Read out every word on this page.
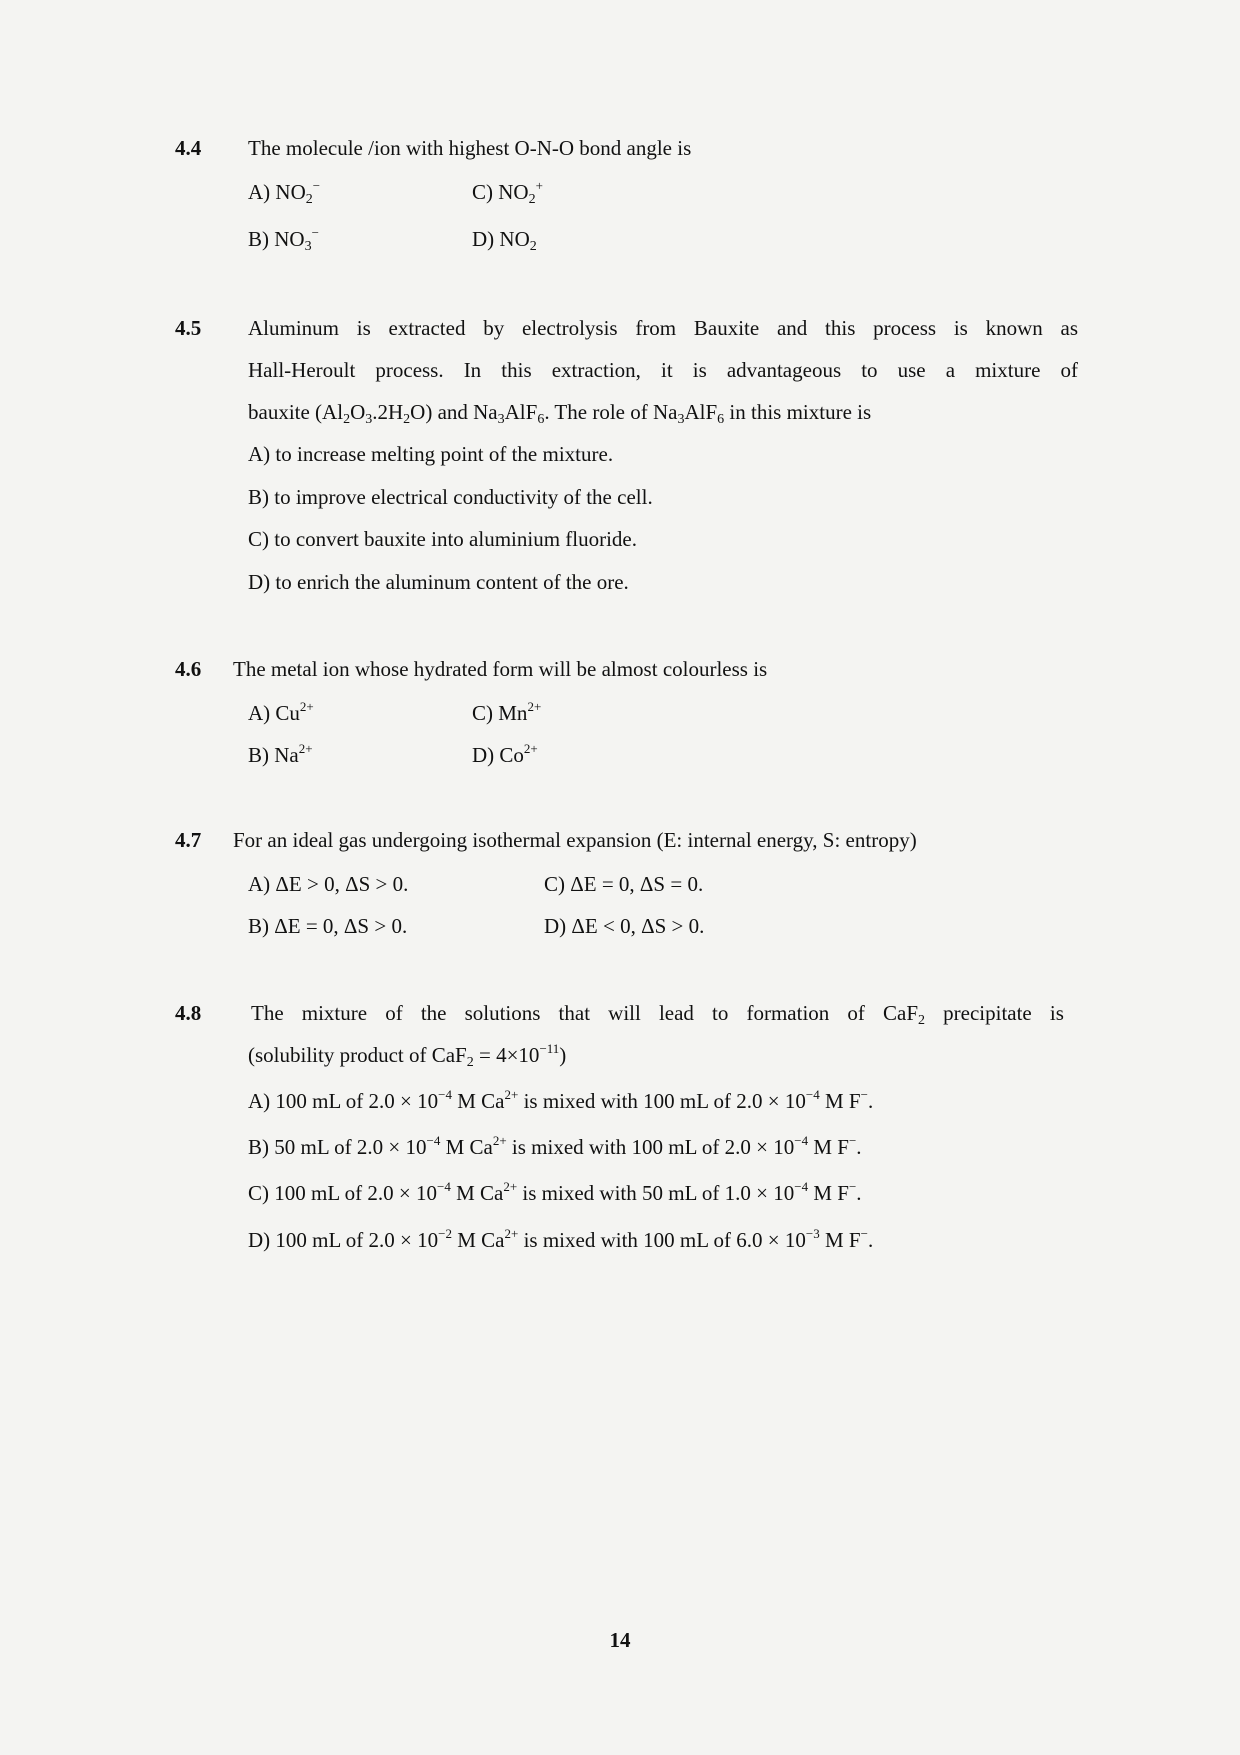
4.4 The molecule /ion with highest O-N-O bond angle is
A) $NO_2^-$	C) $NO_2^+$
B) $NO_3^-$	D) $NO_2$
4.5 Aluminum is extracted by electrolysis from Bauxite and this process is known as
Hall-Heroult process. In this extraction, it is advantageous to use a mixture of
bauxite $(Al_2O_3.2H_2O)$ and $Na_3AlF_6$. The role of $Na_3AlF_6$ in this mixture is
A) to increase melting point of the mixture.
B) to improve electrical conductivity of the cell.
C) to convert bauxite into aluminium fluoride.
D) to enrich the aluminum content of the ore.
4.6 The metal ion whose hydrated form will be almost colourless is
A) $Cu^{2+}$	C) $Mn^{2+}$
B) $Na^{2+}$	D) $Co^{2+}$
4.7 For an ideal gas undergoing isothermal expansion (E: internal energy, S: entropy)
A) ΔE > 0, ΔS > 0.	C) ΔE = 0, ΔS = 0.
B) ΔE = 0, ΔS > 0.	D) ΔE < 0, ΔS > 0.
4.8 The mixture of the solutions that will lead to formation of CaF$_2$ precipitate is
(solubility product of $CaF_2 = 4\times 10^{-11}$)
A) 100 mL of $2.0 \times 10^{-4}$ M $Ca^{2+}$ is mixed with 100 mL of $2.0 \times 10^{-4}$ M F−.
B) 50 mL of $2.0 \times 10^{-4}$ M $Ca^{2+}$ is mixed with 100 mL of $2.0 \times 10^{-4}$ M F−.
C) 100 mL of $2.0 \times 10^{-4}$ M $Ca^{2+}$ is mixed with 50 mL of $1.0 \times 10^{-4}$ M F−.
D) 100 mL of $2.0 \times 10^{-2}$ M $Ca^{2+}$ is mixed with 100 mL of $6.0 \times 10^{-3}$ M F−.
14
